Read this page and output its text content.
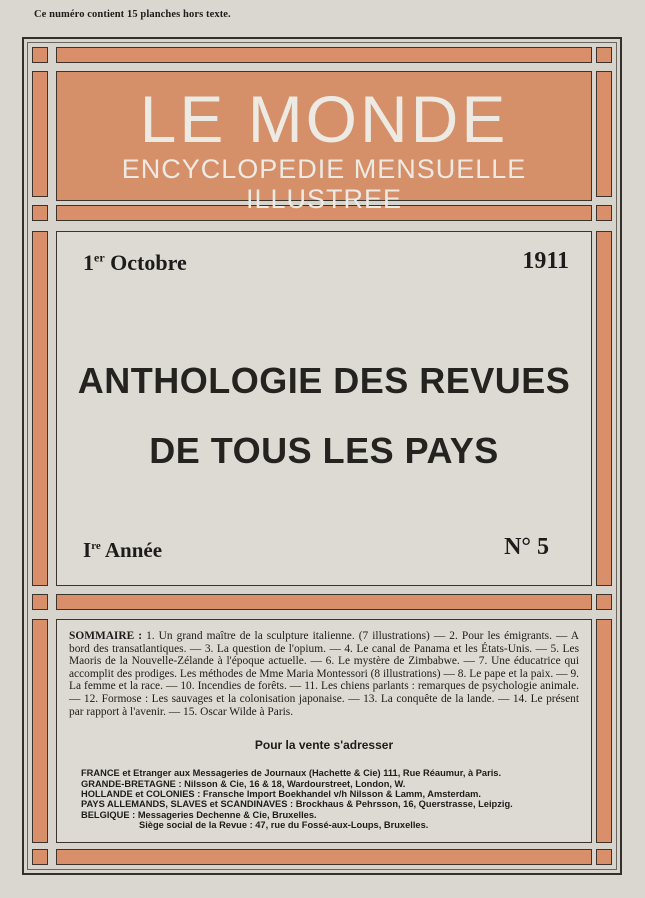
Ce numéro contient 15 planches hors texte.
LE MONDE
ENCYCLOPEDIE MENSUELLE ILLUSTREE
1er Octobre	1911
ANTHOLOGIE DES REVUES
DE TOUS LES PAYS
Ire Année	N° 5

SOMMAIRE : 1. Un grand maître de la sculpture italienne. (7 illustrations) — 2. Pour les émigrants. — A bord des transatlantiques. — 3. La question de l'opium. — 4. Le canal de Panama et les États-Unis. — 5. Les Maoris de la Nouvelle-Zélande à l'époque actuelle. — 6. Le mystère de Zimbabwe. — 7. Une éducatrice qui accomplit des prodiges. Les méthodes de Mme Maria Montessori (8 illustrations) — 8. Le pape et la paix. — 9. La femme et la race. — 10. Incendies de forêts. — 11. Les chiens parlants : remarques de psychologie animale. — 12. Formose : Les sauvages et la colonisation japonaise. — 13. La conquête de la lande. — 14. Le présent par rapport à l'avenir. — 15. Oscar Wilde à Paris.

Pour la vente s'adresser
FRANCE et Etranger aux Messageries de Journaux (Hachette & Cie) 111, Rue Réaumur, à Paris.
GRANDE-BRETAGNE : Nilsson & Cie, 16 & 18, Wardourstreet, London, W.
HOLLANDE et COLONIES : Fransche Import Boekhandel v/h Nilsson & Lamm, Amsterdam.
PAYS ALLEMANDS, SLAVES et SCANDINAVES : Brockhaus & Pehrsson, 16, Querstrasse, Leipzig.
BELGIQUE : Messageries Dechenne & Cie, Bruxelles.
Siège social de la Revue : 47, rue du Fossé-aux-Loups, Bruxelles.
